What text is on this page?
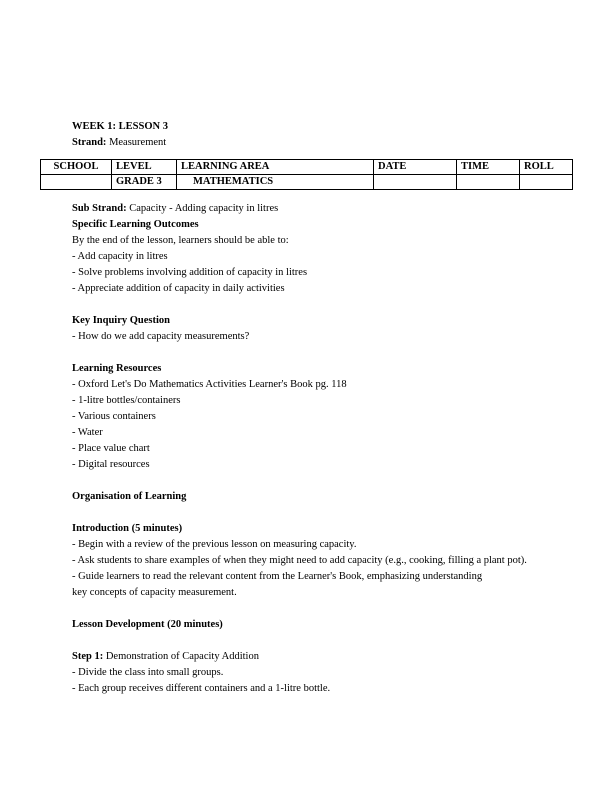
WEEK 1: LESSON 3
Strand: Measurement
SCHOOL	LEVEL	LEARNING AREA	DATE	TIME	ROLL
	GRADE 3	MATHEMATICS			
Sub Strand: Capacity - Adding capacity in litres
Specific Learning Outcomes
By the end of the lesson, learners should be able to:
- Add capacity in litres
- Solve problems involving addition of capacity in litres
- Appreciate addition of capacity in daily activities
Key Inquiry Question
- How do we add capacity measurements?
Learning Resources
- Oxford Let's Do Mathematics Activities Learner's Book pg. 118
- 1-litre bottles/containers
- Various containers
- Water
- Place value chart
- Digital resources
Organisation of Learning
Introduction (5 minutes)
- Begin with a review of the previous lesson on measuring capacity.
- Ask students to share examples of when they might need to add capacity (e.g., cooking, filling a plant pot).
- Guide learners to read the relevant content from the Learner's Book, emphasizing understanding key concepts of capacity measurement.
Lesson Development (20 minutes)
Step 1: Demonstration of Capacity Addition
- Divide the class into small groups.
- Each group receives different containers and a 1-litre bottle.
